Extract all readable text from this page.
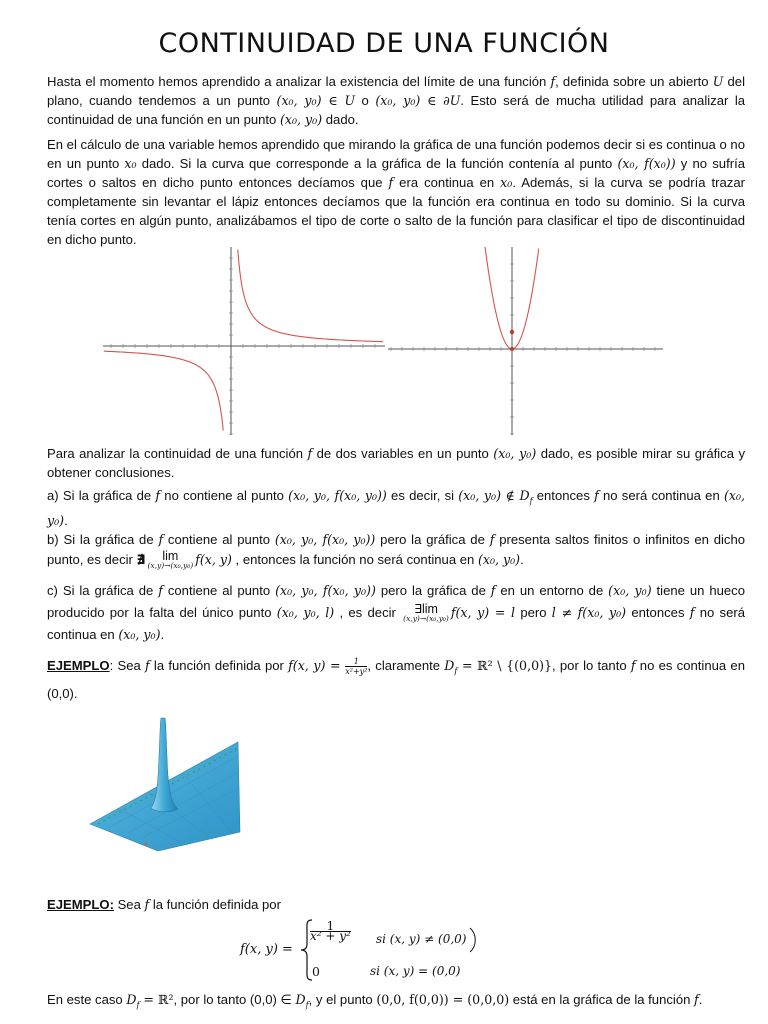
CONTINUIDAD DE UNA FUNCIÓN

Hasta el momento hemos aprendido a analizar la existencia del límite de una función f, definida sobre un abierto U del plano, cuando tendemos a un punto (x₀, y₀) ∈ U o (x₀, y₀) ∈ ∂U. Esto será de mucha utilidad para analizar la continuidad de una función en un punto (x₀, y₀) dado.

En el cálculo de una variable hemos aprendido que mirando la gráfica de una función podemos decir si es continua o no en un punto x₀ dado. Si la curva que corresponde a la gráfica de la función contenía al punto (x₀, f(x₀)) y no sufría cortes o saltos en dicho punto entonces decíamos que f era continua en x₀. Además, si la curva se podría trazar completamente sin levantar el lápiz entonces decíamos que la función era continua en todo su dominio. Si la curva tenía cortes en algún punto, analizábamos el tipo de corte o salto de la función para clasificar el tipo de discontinuidad en dicho punto.

Para analizar la continuidad de una función f de dos variables en un punto (x₀, y₀) dado, es posible mirar su gráfica y obtener conclusiones.

a) Si la gráfica de f no contiene al punto (x₀, y₀, f(x₀, y₀)) es decir, si (x₀, y₀) ∉ $D_f$ entonces f no será continua en (x₀, y₀).

b) Si la gráfica de f contiene al punto (x₀, y₀, f(x₀, y₀)) pero la gráfica de f presenta saltos finitos o infinitos en dicho punto, es decir ∄	lim
(x,y)→(x₀,y₀) f(x, y) , entonces la función no será continua en (x₀, y₀).

c) Si la gráfica de f contiene al punto (x₀, y₀, f(x₀, y₀)) pero la gráfica de f en un entorno de (x₀, y₀) tiene un hueco producido por la falta del único punto (x₀, y₀, l) , es decir	∃lim
(x,y)→(x₀,y₀) f(x, y) = l pero l ≠ f(x₀, y₀) entonces f no será continua en (x₀, y₀).

EJEMPLO: Sea f la función definida por f(x, $y) = \frac{1}{\text{x²+y²}}$ , claramente $D_f$ = ℝ² \ {(0,0)}, por lo tanto f no es continua en (0,0).

EJEMPLO: Sea f la función definida por

f(x, y) =
$\frac{1}{\text{x² + y²}}$ si (x, y) ≠ (0,0)
0	si (x, y) = (0,0)

En este caso $D_f$ = ℝ², por lo tanto (0,0) ∈ $D_f$, y el punto (0,0, f(0,0)) = (0,0,0) está en la gráfica de la función f.
